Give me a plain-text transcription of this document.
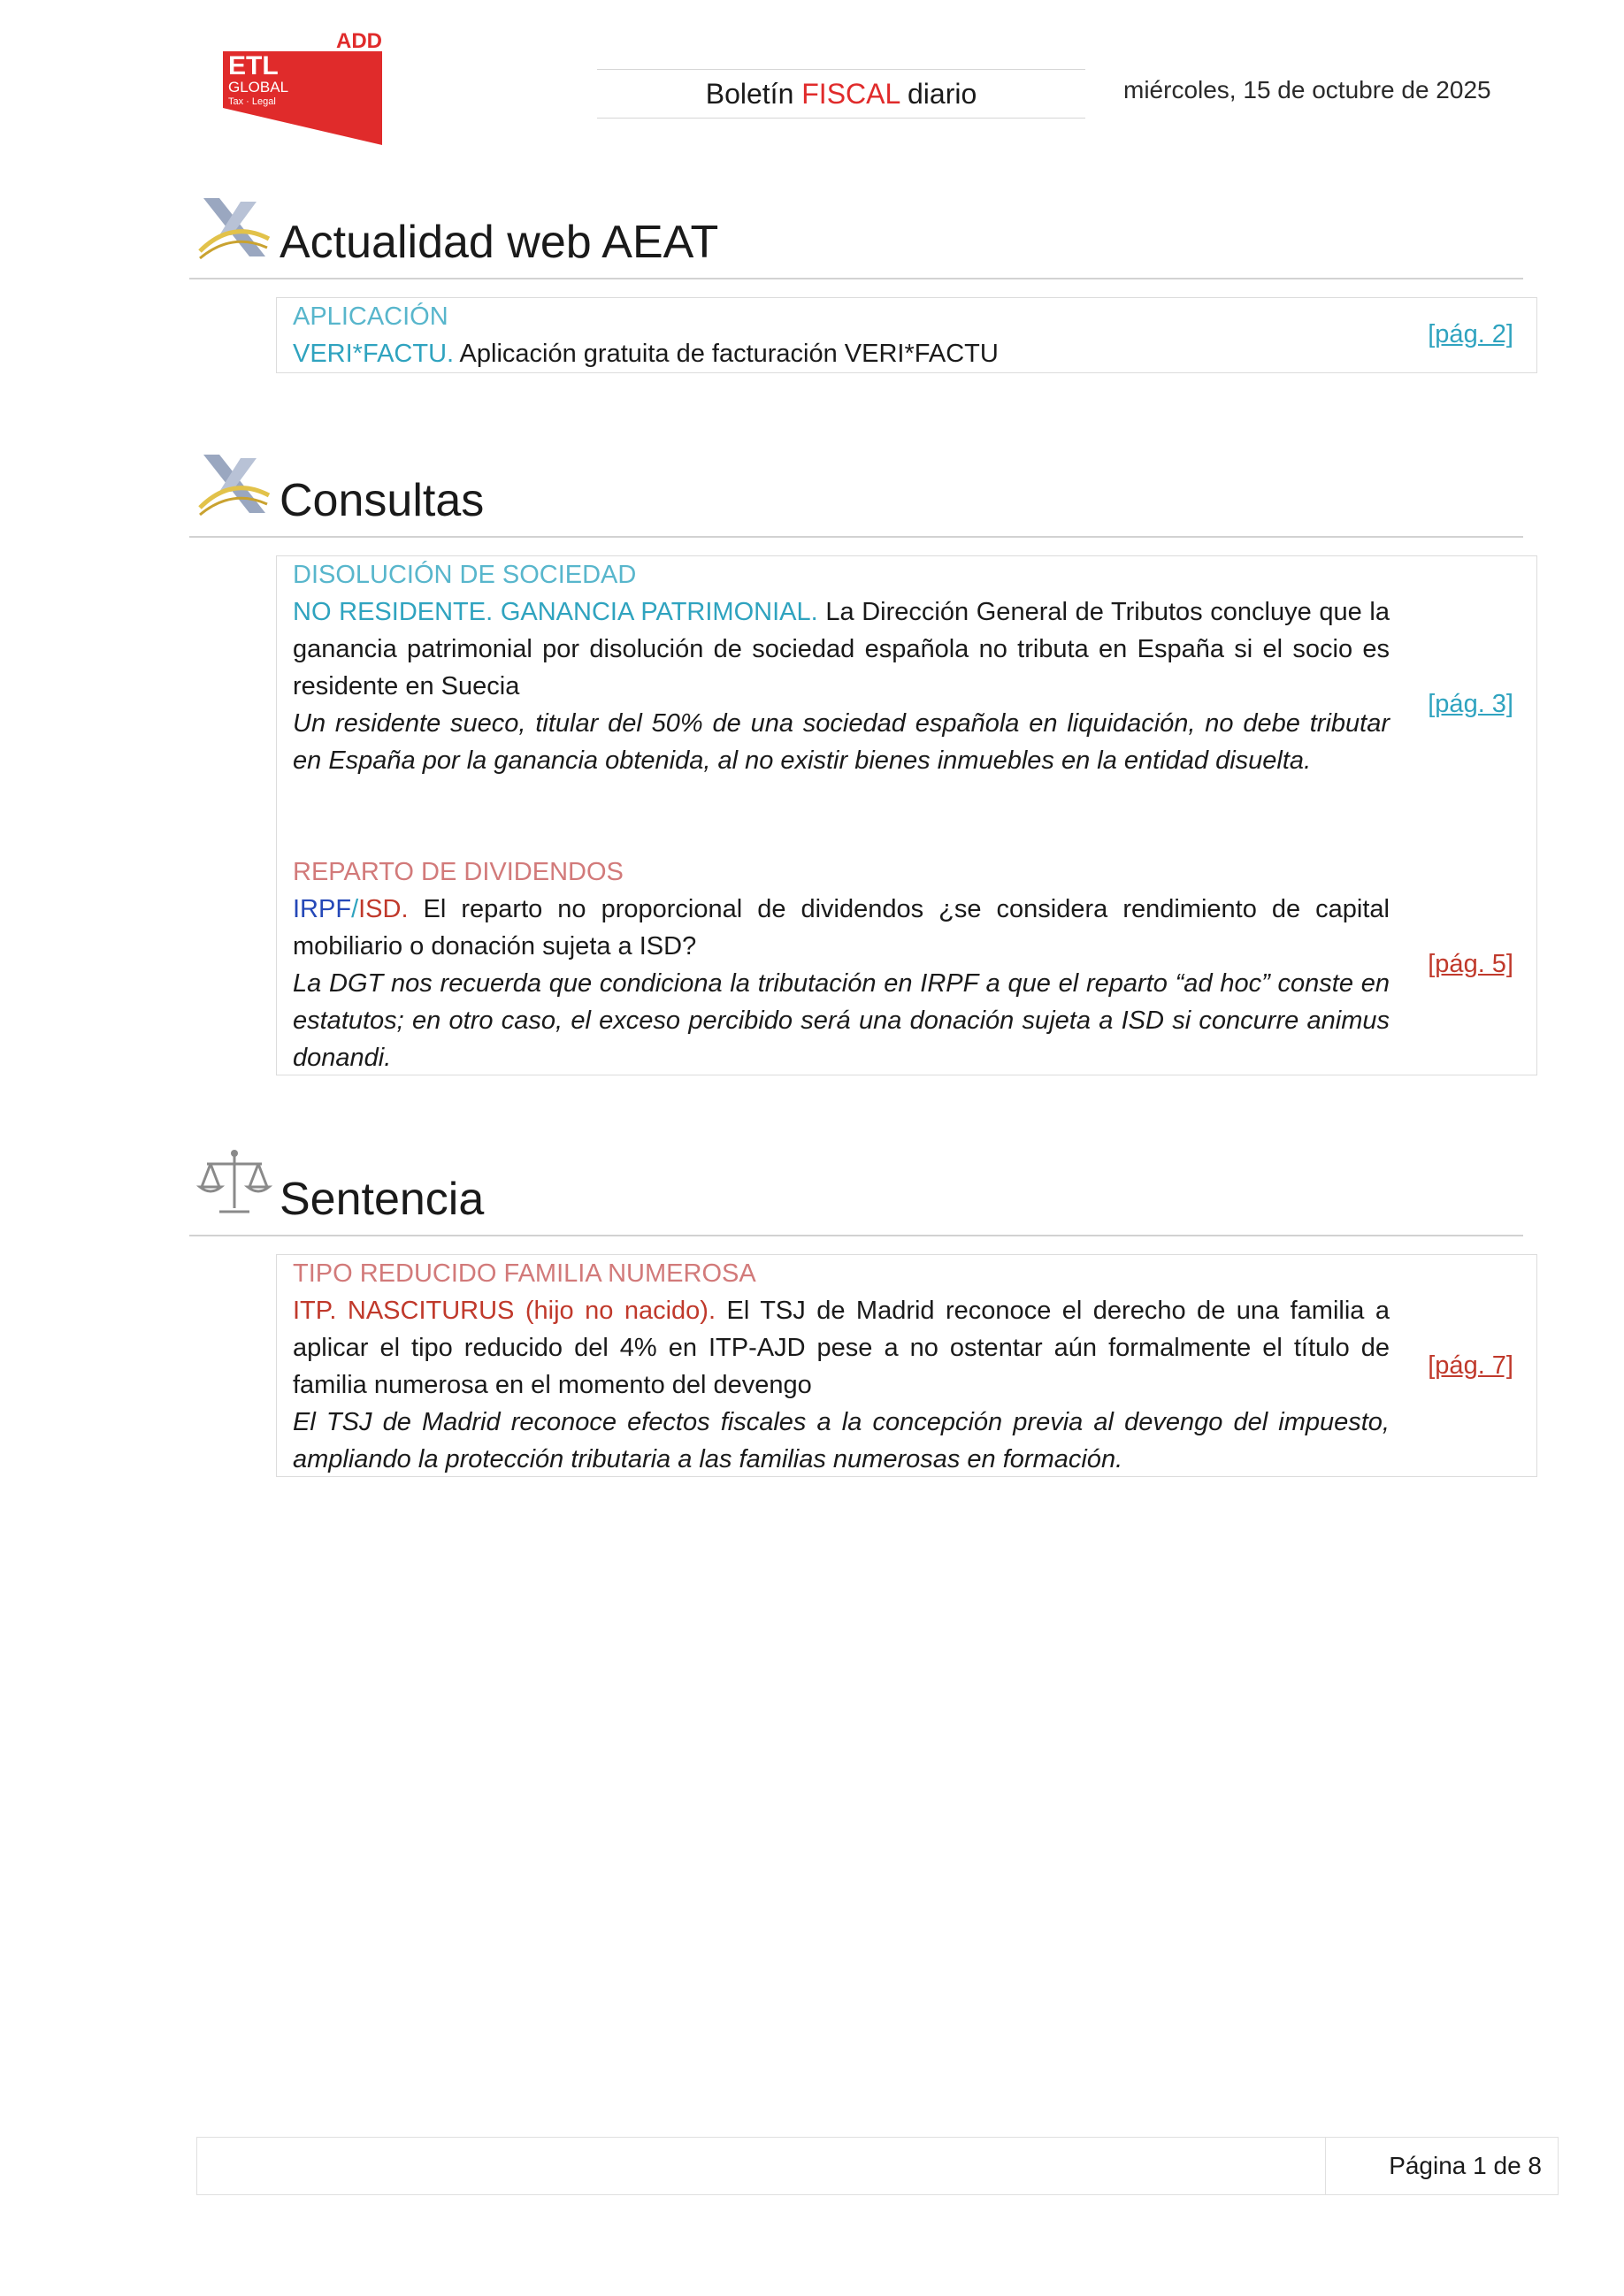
ADD
ETL
GLOBAL
Tax · Legal	Boletín FISCAL diario	miércoles, 15 de octubre de 2025
Actualidad web AEAT
APLICACIÓN
VERI*FACTU. Aplicación gratuita de facturación VERI*FACTU
[pág. 2]
Consultas
DISOLUCIÓN DE SOCIEDAD
NO RESIDENTE. GANANCIA PATRIMONIAL. La Dirección General de Tributos concluye que la ganancia patrimonial por disolución de sociedad española no tributa en España si el socio es residente en Suecia
Un residente sueco, titular del 50% de una sociedad española en liquidación, no debe tributar en España por la ganancia obtenida, al no existir bienes inmuebles en la entidad disuelta.
[pág. 3]
REPARTO DE DIVIDENDOS
IRPF/ISD. El reparto no proporcional de dividendos ¿se considera rendimiento de capital mobiliario o donación sujeta a ISD?
La DGT nos recuerda que condiciona la tributación en IRPF a que el reparto “ad hoc” conste en estatutos; en otro caso, el exceso percibido será una donación sujeta a ISD si concurre animus donandi.
[pág. 5]
Sentencia
TIPO REDUCIDO FAMILIA NUMEROSA
ITP. NASCITURUS (hijo no nacido). El TSJ de Madrid reconoce el derecho de una familia a aplicar el tipo reducido del 4% en ITP-AJD pese a no ostentar aún formalmente el título de familia numerosa en el momento del devengo
El TSJ de Madrid reconoce efectos fiscales a la concepción previa al devengo del impuesto, ampliando la protección tributaria a las familias numerosas en formación.
[pág. 7]
Página 1 de 8
